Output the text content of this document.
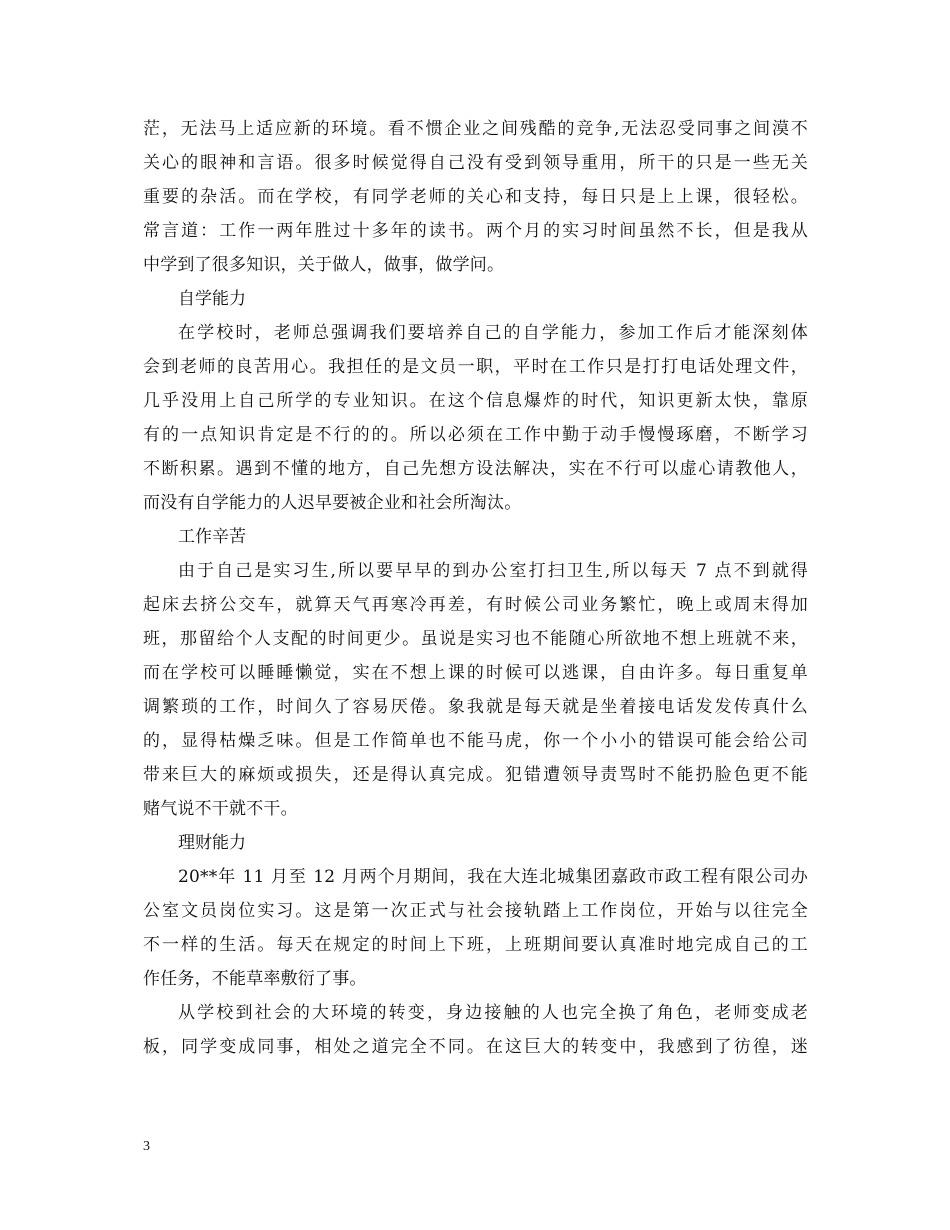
茫，无法马上适应新的环境。看不惯企业之间残酷的竞争,无法忍受同事之间漠不
关心的眼神和言语。很多时候觉得自己没有受到领导重用，所干的只是一些无关
重要的杂活。而在学校，有同学老师的关心和支持，每日只是上上课，很轻松。
常言道：工作一两年胜过十多年的读书。两个月的实习时间虽然不长，但是我从
中学到了很多知识，关于做人，做事，做学问。
自学能力
在学校时，老师总强调我们要培养自己的自学能力，参加工作后才能深刻体
会到老师的良苦用心。我担任的是文员一职，平时在工作只是打打电话处理文件，
几乎没用上自己所学的专业知识。在这个信息爆炸的时代，知识更新太快，靠原
有的一点知识肯定是不行的的。所以必须在工作中勤于动手慢慢琢磨，不断学习
不断积累。遇到不懂的地方，自己先想方设法解决，实在不行可以虚心请教他人，
而没有自学能力的人迟早要被企业和社会所淘汰。
工作辛苦
由于自己是实习生,所以要早早的到办公室打扫卫生,所以每天 7 点不到就得
起床去挤公交车，就算天气再寒冷再差，有时候公司业务繁忙，晚上或周末得加
班，那留给个人支配的时间更少。虽说是实习也不能随心所欲地不想上班就不来，
而在学校可以睡睡懒觉，实在不想上课的时候可以逃课，自由许多。每日重复单
调繁琐的工作，时间久了容易厌倦。象我就是每天就是坐着接电话发发传真什么
的，显得枯燥乏味。但是工作简单也不能马虎，你一个小小的错误可能会给公司
带来巨大的麻烦或损失，还是得认真完成。犯错遭领导责骂时不能扔脸色更不能
赌气说不干就不干。
理财能力
20**年 11 月至 12 月两个月期间，我在大连北城集团嘉政市政工程有限公司办
公室文员岗位实习。这是第一次正式与社会接轨踏上工作岗位，开始与以往完全
不一样的生活。每天在规定的时间上下班，上班期间要认真准时地完成自己的工
作任务，不能草率敷衍了事。
从学校到社会的大环境的转变，身边接触的人也完全换了角色，老师变成老
板，同学变成同事，相处之道完全不同。在这巨大的转变中，我感到了彷徨，迷
3
